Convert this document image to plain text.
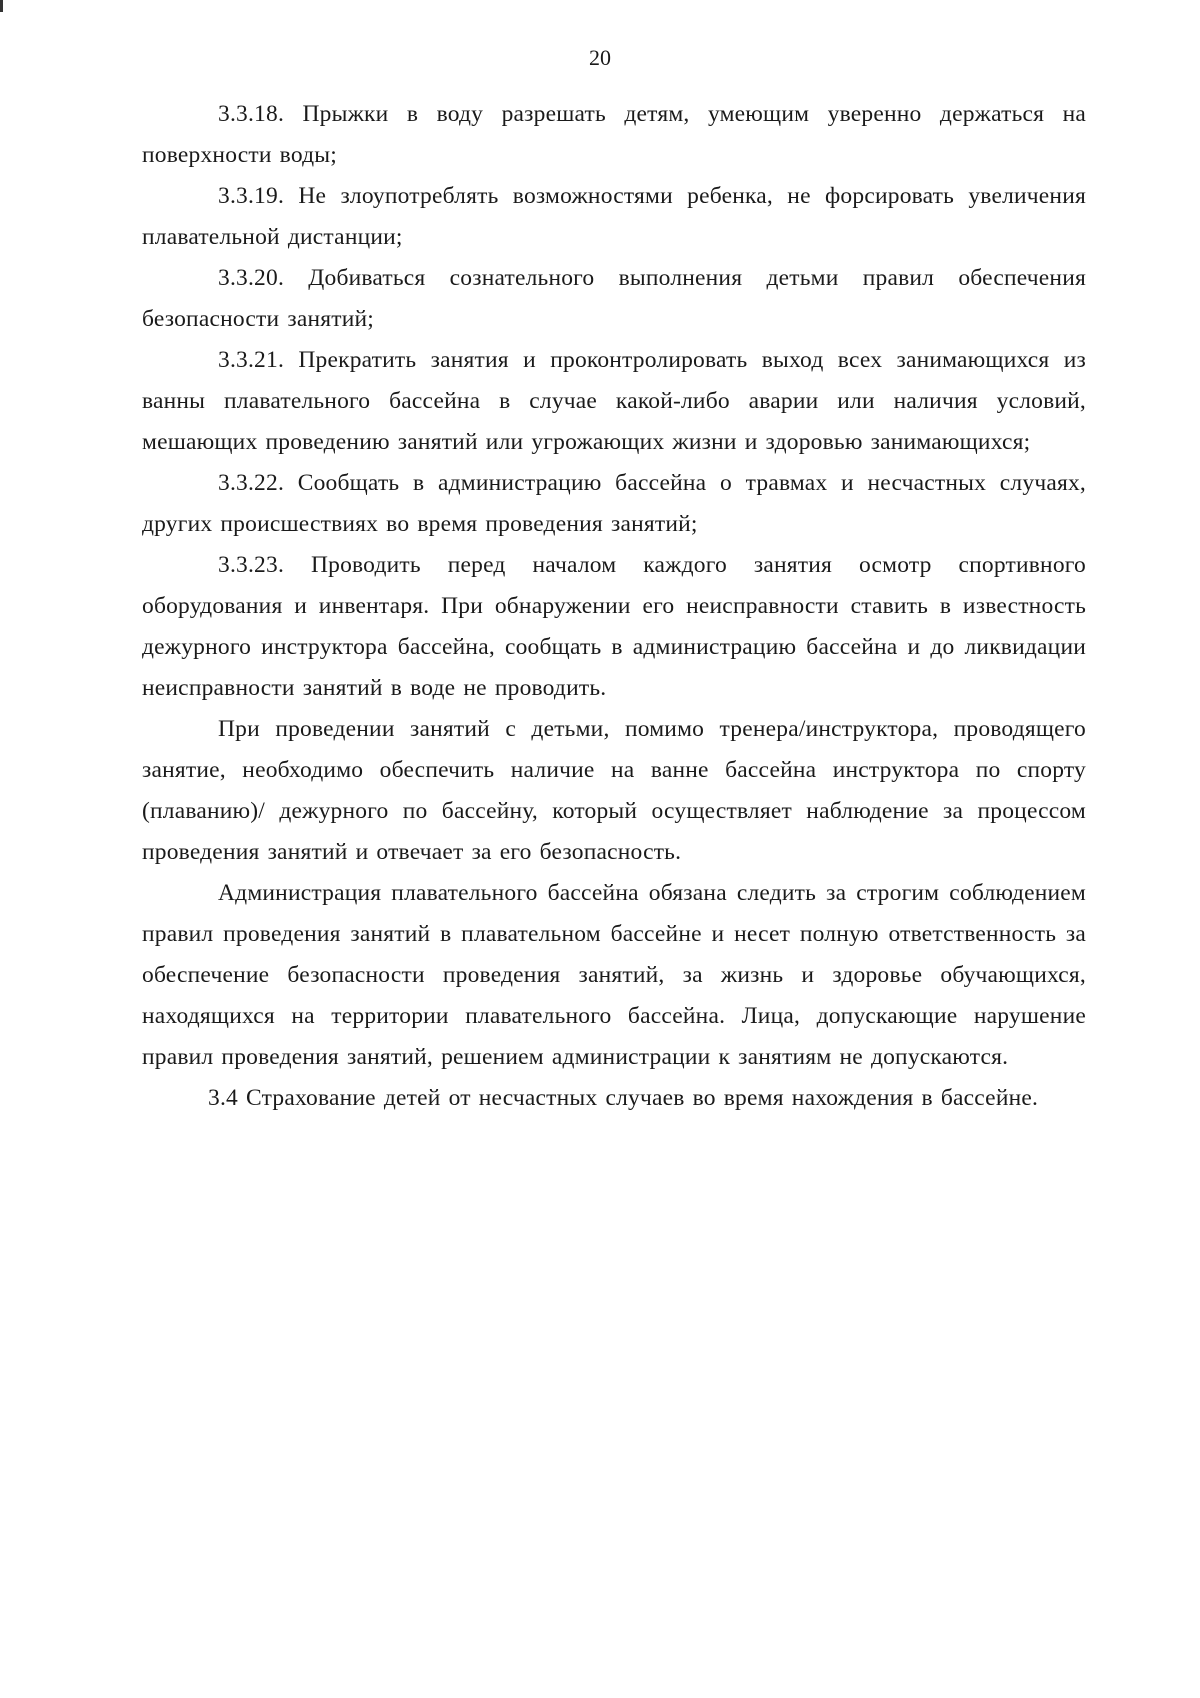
20

3.3.18. Прыжки в воду разрешать детям, умеющим уверенно держаться на поверхности воды;

3.3.19. Не злоупотреблять возможностями ребенка, не форсировать увеличения плавательной дистанции;

3.3.20. Добиваться сознательного выполнения детьми правил обеспечения безопасности занятий;

3.3.21. Прекратить занятия и проконтролировать выход всех занимающихся из ванны плавательного бассейна в случае какой-либо аварии или наличия условий, мешающих проведению занятий или угрожающих жизни и здоровью занимающихся;

3.3.22. Сообщать в администрацию бассейна о травмах и несчастных случаях, других происшествиях во время проведения занятий;

3.3.23. Проводить перед началом каждого занятия осмотр спортивного оборудования и инвентаря. При обнаружении его неисправности ставить в известность дежурного инструктора бассейна, сообщать в администрацию бассейна и до ликвидации неисправности занятий в воде не проводить.

При проведении занятий с детьми, помимо тренера/инструктора, проводящего занятие, необходимо обеспечить наличие на ванне бассейна инструктора по спорту (плаванию)/ дежурного по бассейну, который осуществляет наблюдение за процессом проведения занятий и отвечает за его безопасность.

Администрация плавательного бассейна обязана следить за строгим соблюдением правил проведения занятий в плавательном бассейне и несет полную ответственность за обеспечение безопасности проведения занятий, за жизнь и здоровье обучающихся, находящихся на территории плавательного бассейна. Лица, допускающие нарушение правил проведения занятий, решением администрации к занятиям не допускаются.

3.4 Страхование детей от несчастных случаев во время нахождения в бассейне.
